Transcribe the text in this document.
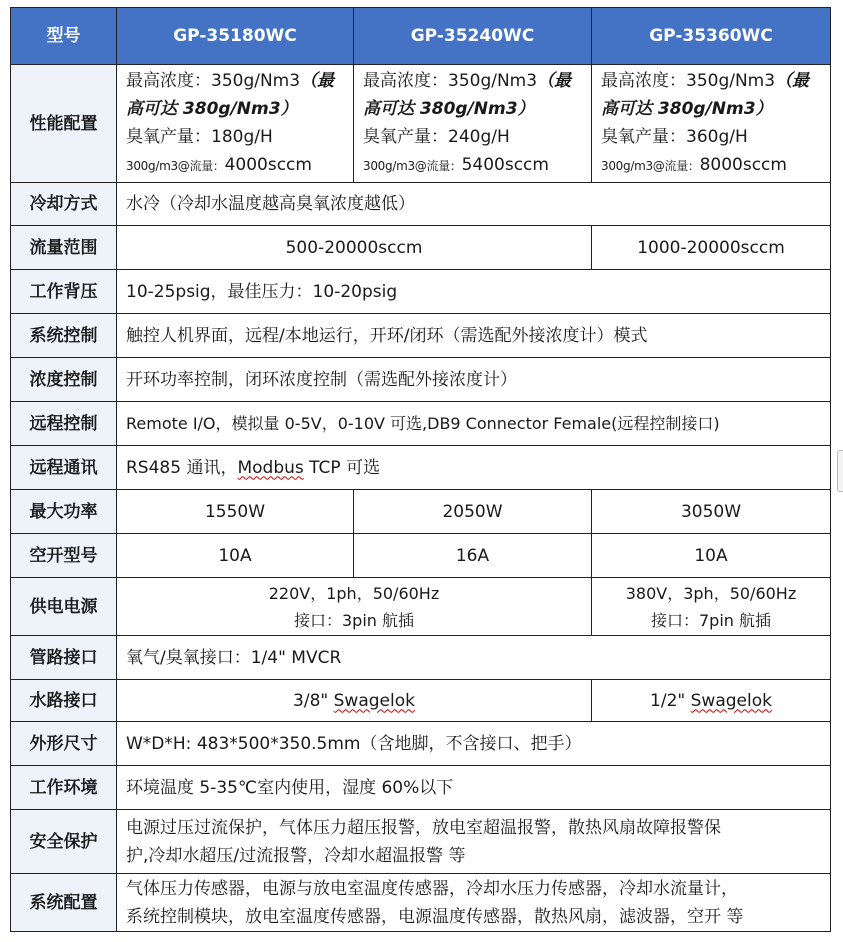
型号	GP-35180WC	GP-35240WC	GP-35360WC
性能配置	最高浓度：350g/Nm3（最
高可达 380g/Nm3）
臭氧产量：180g/H
300g/m3@流量：4000sccm	最高浓度：350g/Nm3（最
高可达 380g/Nm3）
臭氧产量：240g/H
300g/m3@流量：5400sccm	最高浓度：350g/Nm3（最
高可达 380g/Nm3）
臭氧产量：360g/H
300g/m3@流量：8000sccm
冷却方式	水冷（冷却水温度越高臭氧浓度越低）		
流量范围	500-20000sccm		1000-20000sccm
工作背压	10-25psig，最佳压力：10-20psig		
系统控制	触控人机界面，远程/本地运行，开环/闭环（需选配外接浓度计）模式		
浓度控制	开环功率控制，闭环浓度控制（需选配外接浓度计）		
远程控制	Remote I/O，模拟量 0-5V，0-10V 可选,DB9 Connector Female(远程控制接口)		
远程通讯	RS485 通讯，Modbus TCP 可选		
最大功率	1550W	2050W	3050W
空开型号	10A	16A	10A
供电电源	220V，1ph，50/60Hz
接口：3pin 航插		380V，3ph，50/60Hz
接口：7pin 航插
管路接口	氧气/臭氧接口：1/4" MVCR		
水路接口	3/8" Swagelok		1/2" Swagelok
外形尺寸	W*D*H: 483*500*350.5mm（含地脚，不含接口、把手）		
工作环境	环境温度 5-35℃室内使用，湿度 60%以下		
安全保护	电源过压过流保护，气体压力超压报警，放电室超温报警，散热风扇故障报警保
护,冷却水超压/过流报警，冷却水超温报警 等		
系统配置	气体压力传感器，电源与放电室温度传感器，冷却水压力传感器，冷却水流量计，
系统控制模块，放电室温度传感器，电源温度传感器，散热风扇，滤波器，空开 等		
